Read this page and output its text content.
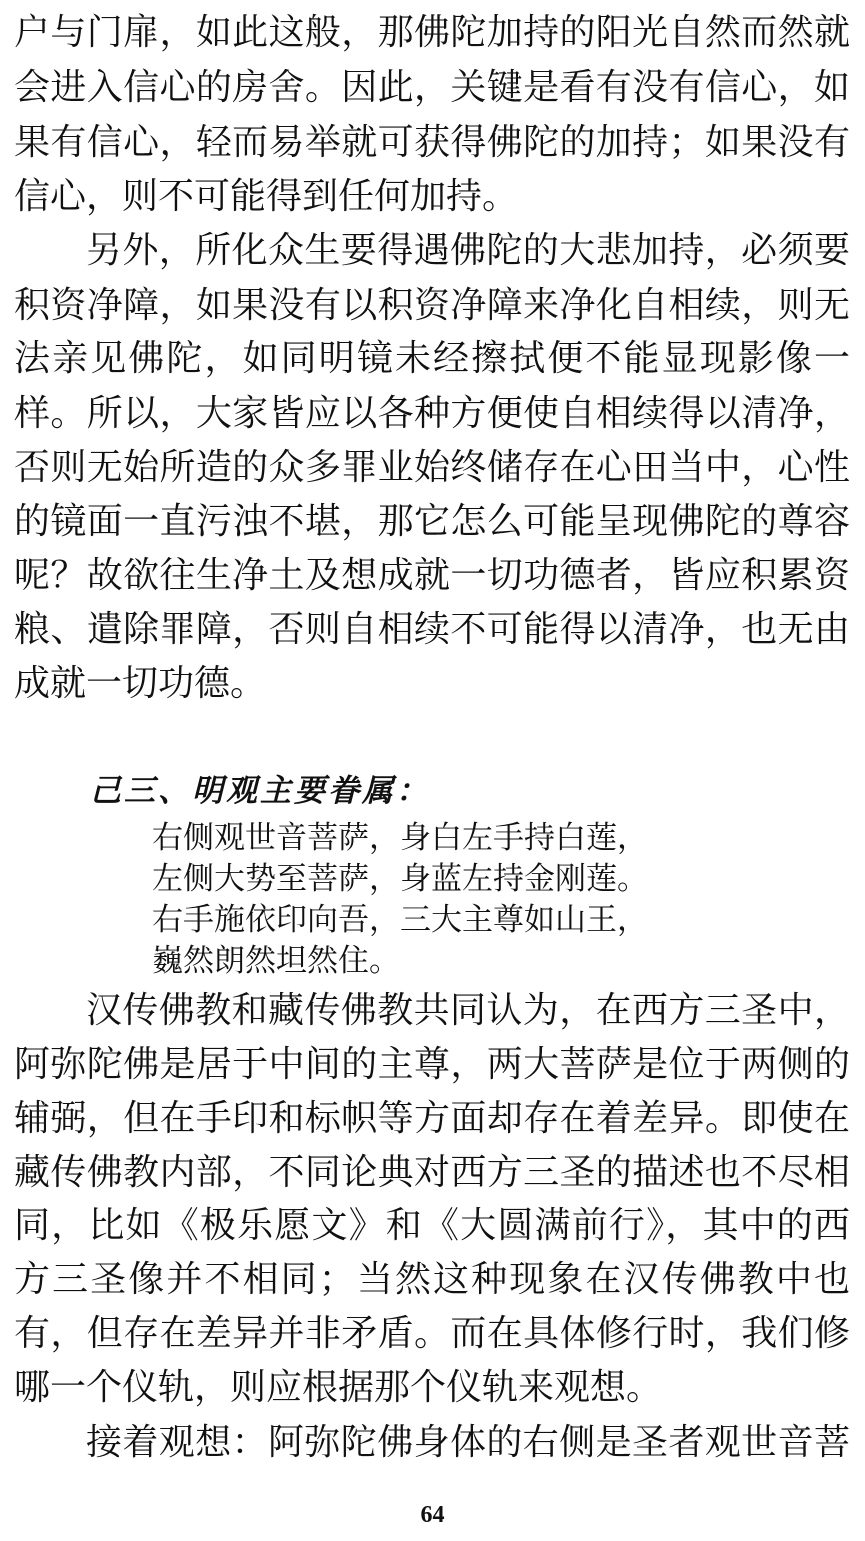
户与门扉，如此这般，那佛陀加持的阳光自然而然就
会进入信心的房舍。因此，关键是看有没有信心，如
果有信心，轻而易举就可获得佛陀的加持；如果没有
信心，则不可能得到任何加持。
另外，所化众生要得遇佛陀的大悲加持，必须要
积资净障，如果没有以积资净障来净化自相续，则无
法亲见佛陀，如同明镜未经擦拭便不能显现影像一
样。所以，大家皆应以各种方便使自相续得以清净，
否则无始所造的众多罪业始终储存在心田当中，心性
的镜面一直污浊不堪，那它怎么可能呈现佛陀的尊容
呢？故欲往生净土及想成就一切功德者，皆应积累资
粮、遣除罪障，否则自相续不可能得以清净，也无由
成就一切功德。
己三、明观主要眷属：
右侧观世音菩萨，身白左手持白莲，
左侧大势至菩萨，身蓝左持金刚莲。
右手施依印向吾，三大主尊如山王，
巍然朗然坦然住。
汉传佛教和藏传佛教共同认为，在西方三圣中，
阿弥陀佛是居于中间的主尊，两大菩萨是位于两侧的
辅弼，但在手印和标帜等方面却存在着差异。即使在
藏传佛教内部，不同论典对西方三圣的描述也不尽相
同，比如《极乐愿文》和《大圆满前行》，其中的西
方三圣像并不相同；当然这种现象在汉传佛教中也
有，但存在差异并非矛盾。而在具体修行时，我们修
哪一个仪轨，则应根据那个仪轨来观想。
接着观想：阿弥陀佛身体的右侧是圣者观世音菩
64
